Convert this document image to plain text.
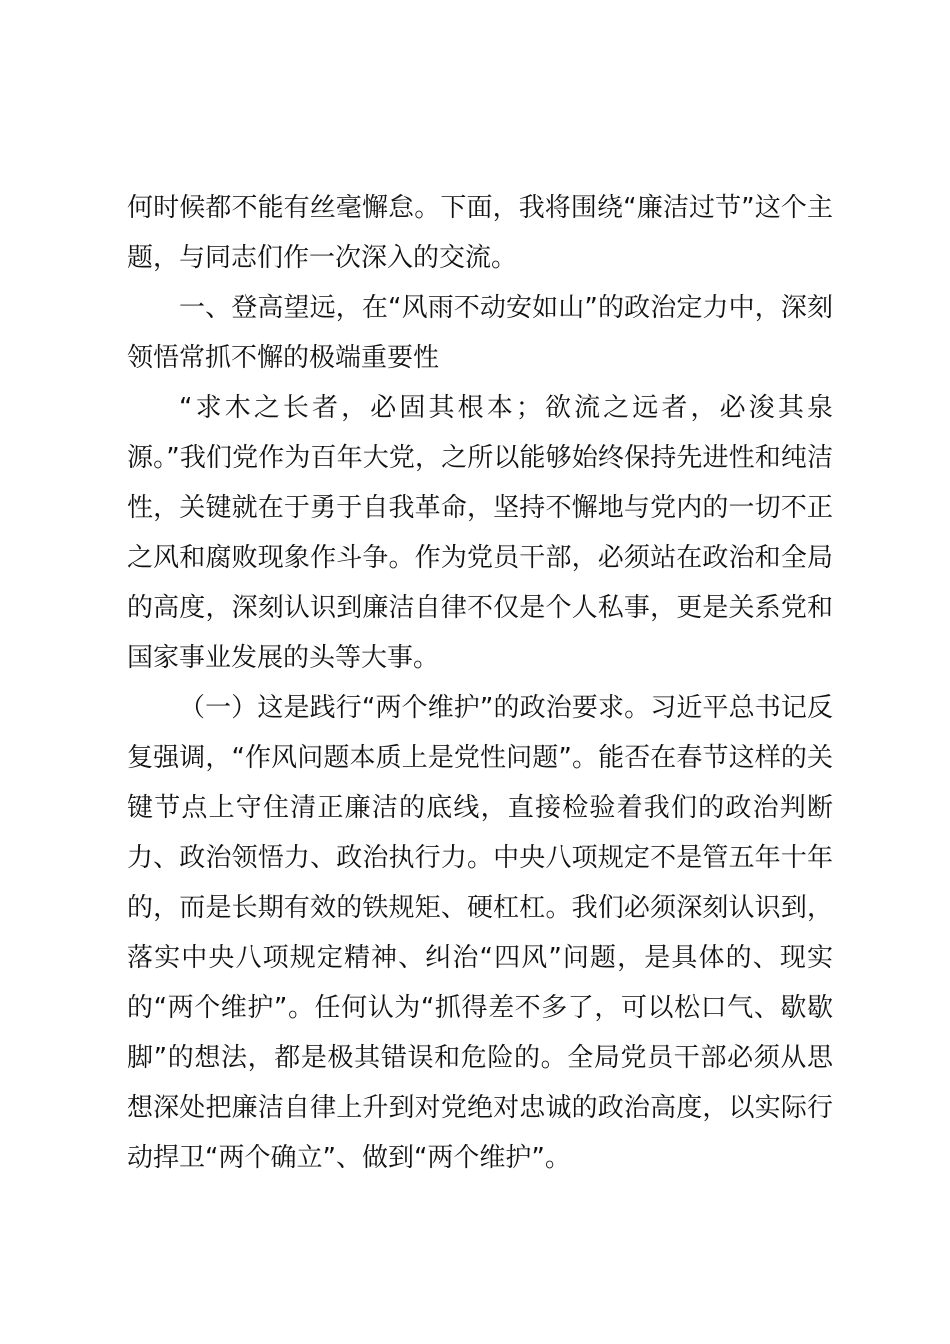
何时候都不能有丝毫懈怠。下面，我将围绕“廉洁过节”这个主题，与同志们作一次深入的交流。

一、登高望远，在“风雨不动安如山”的政治定力中，深刻领悟常抓不懈的极端重要性

“求木之长者，必固其根本；欲流之远者，必浚其泉源。”我们党作为百年大党，之所以能够始终保持先进性和纯洁性，关键就在于勇于自我革命，坚持不懈地与党内的一切不正之风和腐败现象作斗争。作为党员干部，必须站在政治和全局的高度，深刻认识到廉洁自律不仅是个人私事，更是关系党和国家事业发展的头等大事。

（一）这是践行“两个维护”的政治要求。习近平总书记反复强调，“作风问题本质上是党性问题”。能否在春节这样的关键节点上守住清正廉洁的底线，直接检验着我们的政治判断力、政治领悟力、政治执行力。中央八项规定不是管五年十年的，而是长期有效的铁规矩、硬杠杠。我们必须深刻认识到，落实中央八项规定精神、纠治“四风”问题，是具体的、现实的“两个维护”。任何认为“抓得差不多了，可以松口气、歇歇脚”的想法，都是极其错误和危险的。全局党员干部必须从思想深处把廉洁自律上升到对党绝对忠诚的政治高度，以实际行动捍卫“两个确立”、做到“两个维护”。
